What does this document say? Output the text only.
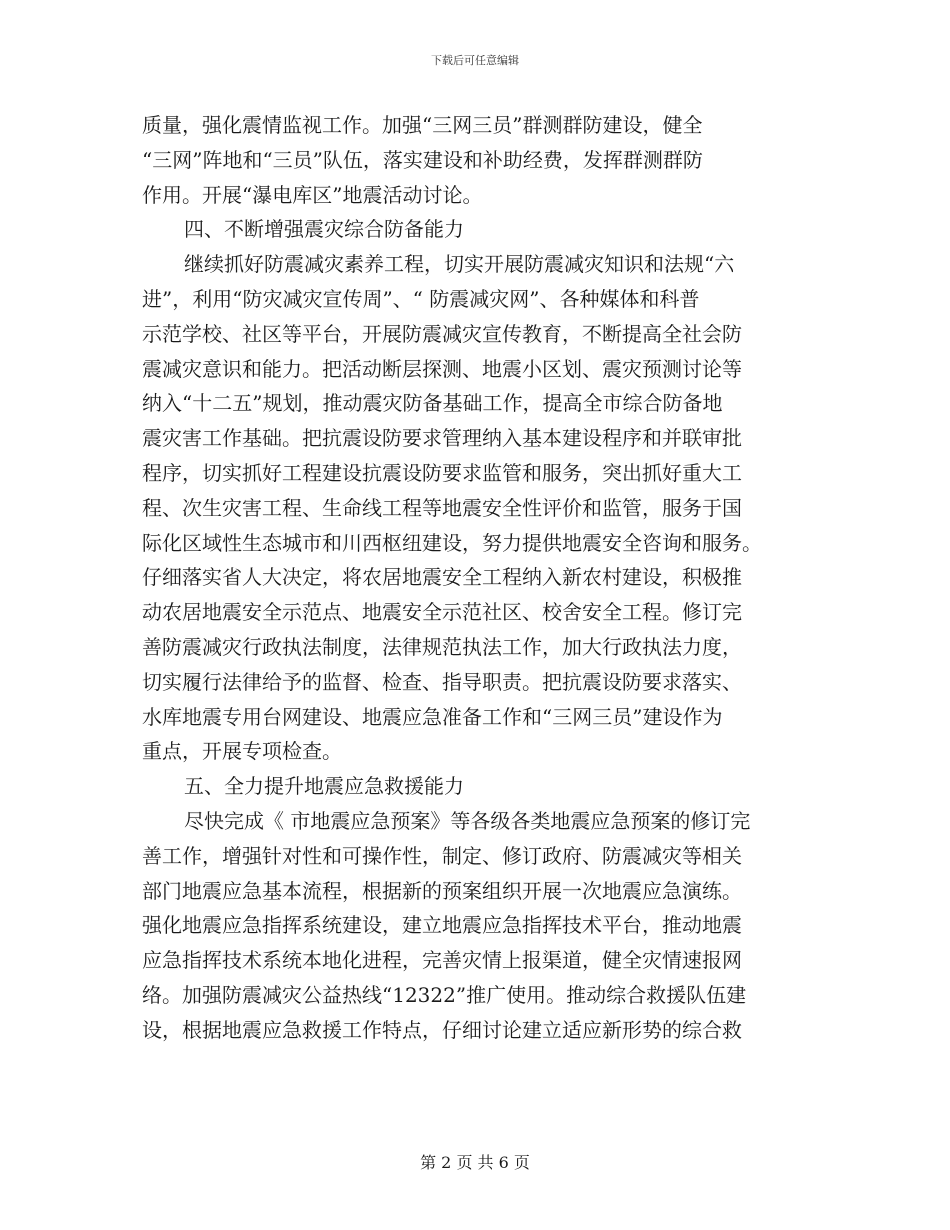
下载后可任意编辑
质量，强化震情监视工作。加强“三网三员”群测群防建设，健全
“三网”阵地和“三员”队伍，落实建设和补助经费，发挥群测群防
作用。开展“瀑电库区”地震活动讨论。
四、不断增强震灾综合防备能力
继续抓好防震减灾素养工程，切实开展防震减灾知识和法规“六
进”，利用“防灾减灾宣传周”、“ 防震减灾网”、各种媒体和科普
示范学校、社区等平台，开展防震减灾宣传教育，不断提高全社会防
震减灾意识和能力。把活动断层探测、地震小区划、震灾预测讨论等
纳入“十二五”规划，推动震灾防备基础工作，提高全市综合防备地
震灾害工作基础。把抗震设防要求管理纳入基本建设程序和并联审批
程序，切实抓好工程建设抗震设防要求监管和服务，突出抓好重大工
程、次生灾害工程、生命线工程等地震安全性评价和监管，服务于国
际化区域性生态城市和川西枢纽建设，努力提供地震安全咨询和服务。
仔细落实省人大决定，将农居地震安全工程纳入新农村建设，积极推
动农居地震安全示范点、地震安全示范社区、校舍安全工程。修订完
善防震减灾行政执法制度，法律规范执法工作，加大行政执法力度，
切实履行法律给予的监督、检查、指导职责。把抗震设防要求落实、
水库地震专用台网建设、地震应急准备工作和“三网三员”建设作为
重点，开展专项检查。
五、全力提升地震应急救援能力
尽快完成《 市地震应急预案》等各级各类地震应急预案的修订完
善工作，增强针对性和可操作性，制定、修订政府、防震减灾等相关
部门地震应急基本流程，根据新的预案组织开展一次地震应急演练。
强化地震应急指挥系统建设，建立地震应急指挥技术平台，推动地震
应急指挥技术系统本地化进程，完善灾情上报渠道，健全灾情速报网
络。加强防震减灾公益热线“12322”推广使用。推动综合救援队伍建
设，根据地震应急救援工作特点，仔细讨论建立适应新形势的综合救
第 2 页 共 6 页
